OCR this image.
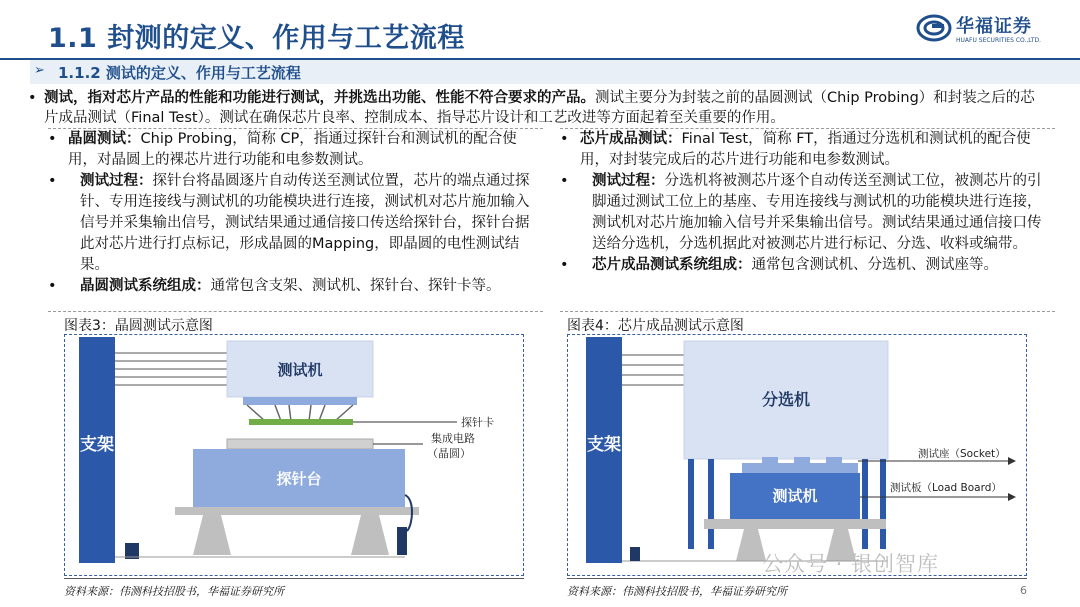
1.1 封测的定义、作用与工艺流程	华福证券
HUAFU SECURITIES CO.,LTD.
➢ 1.1.2 测试的定义、作用与工艺流程
• 测试，指对芯片产品的性能和功能进行测试，并挑选出功能、性能不符合要求的产品。测试主要分为封装之前的晶圆测试（Chip Probing）和封装之后的芯片成品测试（Final Test）。测试在确保芯片良率、控制成本、指导芯片设计和工艺改进等方面起着至关重要的作用。
• 晶圆测试：Chip Probing，简称 CP，指通过探针台和测试机的配合使用，对晶圆上的裸芯片进行功能和电参数测试。
• 测试过程：探针台将晶圆逐片自动传送至测试位置，芯片的端点通过探针、专用连接线与测试机的功能模块进行连接，测试机对芯片施加输入信号并采集输出信号，测试结果通过通信接口传送给探针台，探针台据此对芯片进行打点标记，形成晶圆的Mapping，即晶圆的电性测试结果。
• 晶圆测试系统组成：通常包含支架、测试机、探针台、探针卡等。
• 芯片成品测试：Final Test，简称 FT，指通过分选机和测试机的配合使用，对封装完成后的芯片进行功能和电参数测试。
• 测试过程：分选机将被测芯片逐个自动传送至测试工位，被测芯片的引脚通过测试工位上的基座、专用连接线与测试机的功能模块进行连接，测试机对芯片施加输入信号并采集输出信号。测试结果通过通信接口传送给分选机，分选机据此对被测芯片进行标记、分选、收料或编带。
• 芯片成品测试系统组成：通常包含测试机、分选机、测试座等。
图表3：晶圆测试示意图
支架
测试机
探针卡
集成电路
（晶圆）
探针台
资料来源：伟测科技招股书，华福证券研究所
图表4：芯片成品测试示意图
支架
分选机
测试座（Socket）
测试机	测试板（Load Board）
资料来源：伟测科技招股书，华福证券研究所
公众号 · 银创智库
6
